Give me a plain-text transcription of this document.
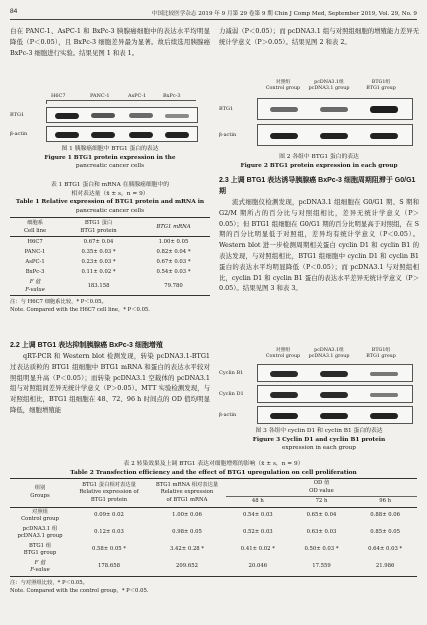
84	中国比较医学杂志 2019 年 9 月第 29 卷第 9 期 Chin J Comp Med, September 2019, Vol. 29, No. 9

白在 PANC-1、AsPC-1 和 BxPc-3 胰腺癌细胞中的表达水平均明显降低（P＜0.05），且 BxPc-3 细胞差异最为显著。故后续选用胰腺癌 BxPc-3 细胞进行实验。结果见图 1 和表 1。

H6C7	PANC-1	AsPC-1	BxPc-3
BTG1
β-actin
图 1 胰腺癌细胞中 BTG1 蛋白的表达
Figure 1 BTG1 protein expression in the
pancreatic cancer cells
表 1 BTG1 蛋白和 mRNA 在胰腺癌细胞中的
相对表达量（x̄ ± s，n = 9）
Table 1 Relative expression of BTG1 protein and mRNA in
pancreatic cancer cells
细胞系
Cell line	BTG1 蛋白
BTG1 protein	BTG1 mRNA
H6C7	0.67± 0.04	1.00± 0.05
PANC-1	0.35± 0.03 *	0.82± 0.04 *
AsPC-1	0.23± 0.03 *	0.67± 0.03 *
BxPc-3	0.11± 0.02 *	0.54± 0.03 *
F 值
F-value	183.158	79.780
注：与 H6C7 细胞系比较，* P＜0.05。
Note. Compared with the H6C7 cell line，* P＜0.05.
2.2 上调 BTG1 表达抑制胰腺癌 BxPc-3 细胞增殖

qRT-PCR 和 Western blot 检测发现，转染 pcDNA3.1-BTG1 过表达质粒的 BTG1 组细胞中 BTG1 mRNA 和蛋白的表达水平较对照组明显升高（P＜0.05）；而转染 pcDNA3.1 空载体的 pcDNA3.1 组与对照组间差异无统计学意义（P＞0.05）。MTT 实验检测发现，与对照组相比，BTG1 组细胞在 48、72、96 h 时间点的 OD 值均明显降低，细胞增殖能

力减弱（P＜0.05）；而 pcDNA3.1 组与对照组细胞的增殖能力差异无统计学意义（P＞0.05）。结果见图 2 和表 2。

对照组
Control group
pcDNA3.1组
pcDNA3.1 group
BTG1组
BTG1 group
BTG1
β-actin
图 2 各组中 BTG1 蛋白的表达
Figure 2 BTG1 protein expression in each group
2.3 上调 BTG1 表达诱导胰腺癌 BxPc-3 细胞周期阻滞于 G0/G1 期

流式细胞仪检测发现，pcDNA3.1 组细胞在 G0/G1 期、S 期和 G2/M 期所占的百分比与对照组相比，差异无统计学意义（P＞0.05）；但 BTG1 组细胞在 G0/G1 期的百分比明显高于对照组，在 S 期的百分比明显低于对照组，差异均有统计学意义（P＜0.05）。Western blot 进一步检测周期相关蛋白 cyclin D1 和 cyclin B1 的表达发现，与对照组相比，BTG1 组细胞中 cyclin D1 和 cyclin B1 蛋白的表达水平均明显降低（P＜0.05）；而 pcDNA3.1 与对照组相比，cyclin D1 和 cyclin B1 蛋白的表达水平差异无统计学意义（P＞0.05）。结果见图 3 和表 3。

对照组
Control group
pcDNA3.1组
pcDNA3.1 group
BTG1组
BTG1 group
Cyclin B1
Cyclin D1
β-actin
图 3 各组中 cyclin D1 和 cyclin B1 蛋白的表达
Figure 3 Cyclin D1 and cyclin B1 protein
expression in each group
表 2 转染效果及上调 BTG1 表达对细胞增殖的影响（x̄ ± s，n = 9）
Table 2 Transfection efficiency and the effect of BTG1 upregulation on cell proliferation
组别
Groups	BTG1 蛋白相对表达量
Relative expression of
BTG1 protein	BTG1 mRNA 相对表达量
Relative expression
of BTG1 mRNA	OD 值
OD value		
			48 h	72 h	96 h
对照组
Control group	0.09± 0.02	1.00± 0.06	0.54± 0.03	0.65± 0.04	0.88± 0.06
pcDNA3.1 组
pcDNA3.1 group	0.12± 0.03	0.98± 0.05	0.52± 0.03	0.63± 0.03	0.85± 0.05
BTG1 组
BTG1 group	0.58± 0.05 *	3.42± 0.28 *	0.41± 0.02 *	0.50± 0.03 *	0.64± 0.03 *
F 值
F-value	178.658	209.652	20.046	17.559	21.986
注：与对照组比较，* P＜0.05。
Note. Compared with the control group，* P＜0.05.
